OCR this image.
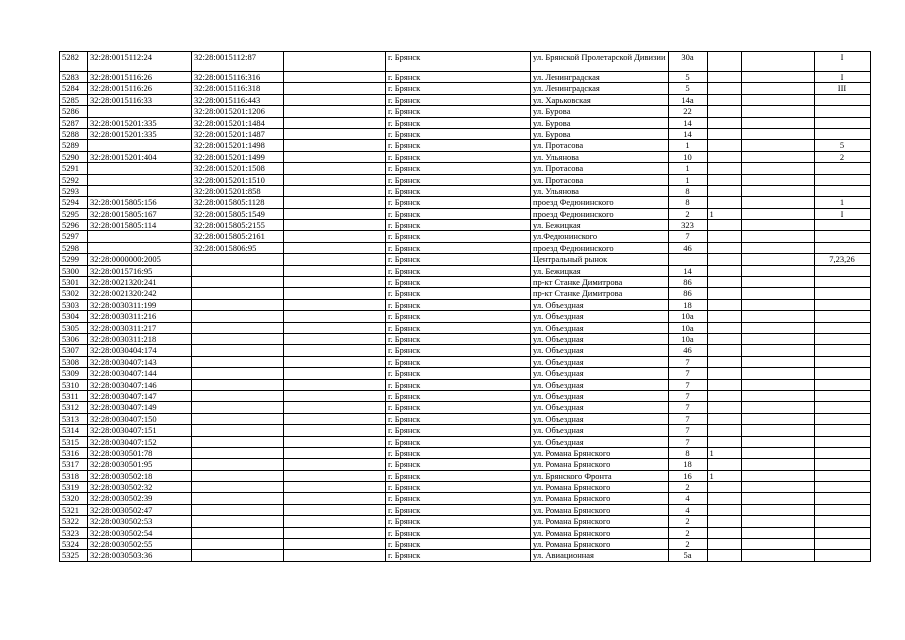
5282	32:28:0015112:24	32:28:0015112:87		г. Брянск	ул. Брянской Пролетарской Дивизии	30а			I
5283	32:28:0015116:26	32:28:0015116:316		г. Брянск	ул. Ленинградская	5			I
5284	32:28:0015116:26	32:28:0015116:318		г. Брянск	ул. Ленинградская	5			III
5285	32:28:0015116:33	32:28:0015116:443		г. Брянск	ул. Харьковская	14а			
5286		32:28:0015201:1206		г. Брянск	ул. Бурова	22			
5287	32:28:0015201:335	32:28:0015201:1484		г. Брянск	ул. Бурова	14			
5288	32:28:0015201:335	32:28:0015201:1487		г. Брянск	ул. Бурова	14			
5289		32:28:0015201:1498		г. Брянск	ул. Протасова	1			5
5290	32:28:0015201:404	32:28:0015201:1499		г. Брянск	ул. Ульянова	10			2
5291		32:28:0015201:1508		г. Брянск	ул. Протасова	1			
5292		32:28:0015201:1510		г. Брянск	ул. Протасова	1			
5293		32:28:0015201:858		г. Брянск	ул. Ульянова	8			
5294	32:28:0015805:156	32:28:0015805:1128		г. Брянск	проезд Федюнинского	8			1
5295	32:28:0015805:167	32:28:0015805:1549		г. Брянск	проезд Федюнинского	2	1		I
5296	32:28:0015805:114	32:28:0015805:2155		г. Брянск	ул. Бежицкая	323			
5297		32:28:0015805:2161		г. Брянск	ул.Федюнинского	7			
5298		32:28:0015806:95		г. Брянск	проезд Федюнинского	46			
5299	32:28:0000000:2005			г. Брянск	Центральный рынок				7,23,26
5300	32:28:0015716:95			г. Брянск	ул. Бежицкая	14			
5301	32:28:0021320:241			г. Брянск	пр-кт Станке Димитрова	86			
5302	32:28:0021320:242			г. Брянск	пр-кт Станке Димитрова	86			
5303	32:28:0030311:199			г. Брянск	ул. Объездная	18			
5304	32:28:0030311:216			г. Брянск	ул. Объездная	10а			
5305	32:28:0030311:217			г. Брянск	ул. Объездная	10а			
5306	32:28:0030311:218			г. Брянск	ул. Объездная	10а			
5307	32:28:0030404:174			г. Брянск	ул. Объездная	46			
5308	32:28:0030407:143			г. Брянск	ул. Объездная	7			
5309	32:28:0030407:144			г. Брянск	ул. Объездная	7			
5310	32:28:0030407:146			г. Брянск	ул. Объездная	7			
5311	32:28:0030407:147			г. Брянск	ул. Объездная	7			
5312	32:28:0030407:149			г. Брянск	ул. Объездная	7			
5313	32:28:0030407:150			г. Брянск	ул. Объездная	7			
5314	32:28:0030407:151			г. Брянск	ул. Объездная	7			
5315	32:28:0030407:152			г. Брянск	ул. Объездная	7			
5316	32:28:0030501:78			г. Брянск	ул. Романа Брянского	8	1		
5317	32:28:0030501:95			г. Брянск	ул. Романа Брянского	18			
5318	32:28:0030502:18			г. Брянск	ул. Брянского Фронта	16	1		
5319	32:28:0030502:32			г. Брянск	ул. Романа Брянского	2			
5320	32:28:0030502:39			г. Брянск	ул. Романа Брянского	4			
5321	32:28:0030502:47			г. Брянск	ул. Романа Брянского	4			
5322	32:28:0030502:53			г. Брянск	ул. Романа Брянского	2			
5323	32:28:0030502:54			г. Брянск	ул. Романа Брянского	2			
5324	32:28:0030502:55			г. Брянск	ул. Романа Брянского	2			
5325	32:28:0030503:36			г. Брянск	ул. Авиационная	5а			
